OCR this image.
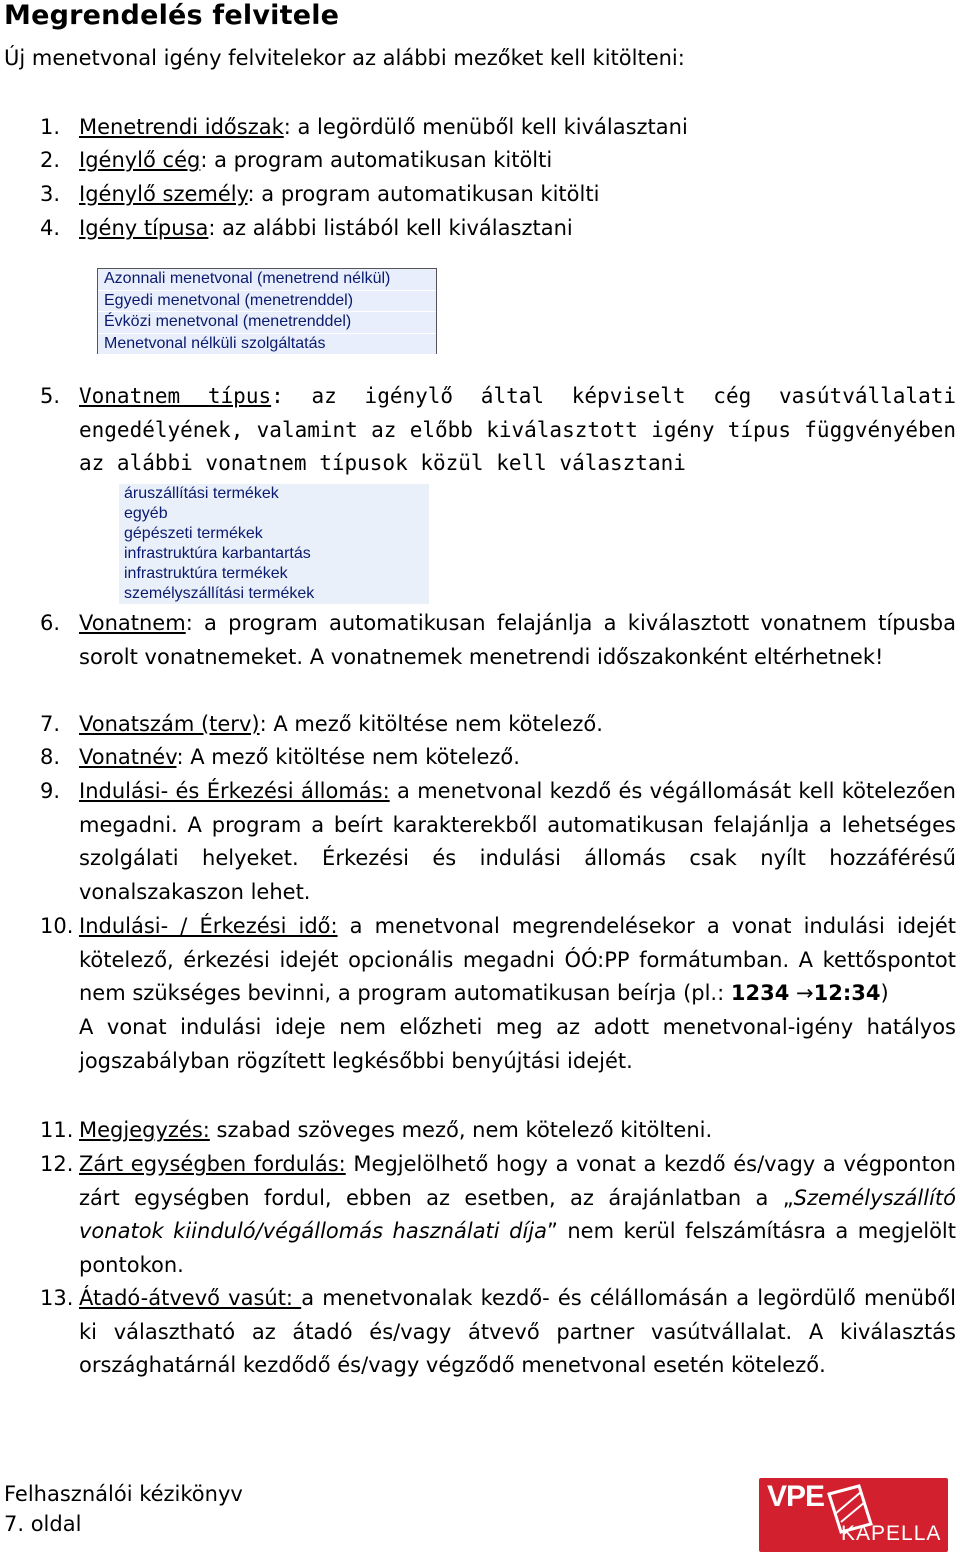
Megrendelés felvitele
Új menetvonal igény felvitelekor az alábbi mezőket kell kitölteni:
1. Menetrendi időszak: a legördülő menüből kell kiválasztani
2. Igénylő cég: a program automatikusan kitölti
3. Igénylő személy: a program automatikusan kitölti
4. Igény típusa: az alábbi listából kell kiválasztani
Azonnali menetvonal (menetrend nélkül)
Egyedi menetvonal (menetrenddel)
Évközi menetvonal (menetrenddel)
Menetvonal nélküli szolgáltatás
5. Vonatnem típus: az igénylő által képviselt cég vasútvállalati engedélyének, valamint az előbb kiválasztott igény típus függvényében az alábbi vonatnem típusok közül kell választani
áruszállítási termékek
egyéb
gépészeti termékek
infrastruktúra karbantartás
infrastruktúra termékek
személyszállítási termékek
6. Vonatnem: a program automatikusan felajánlja a kiválasztott vonatnem típusba sorolt vonatnemeket. A vonatnemek menetrendi időszakonként eltérhetnek!
7. Vonatszám (terv): A mező kitöltése nem kötelező.
8. Vonatnév: A mező kitöltése nem kötelező.
9. Indulási- és Érkezési állomás: a menetvonal kezdő és végállomását kell kötelezően megadni. A program a beírt karakterekből automatikusan felajánlja a lehetséges szolgálati helyeket. Érkezési és indulási állomás csak nyílt hozzáférésű vonalszakaszon lehet.
10. Indulási- / Érkezési idő: a menetvonal megrendelésekor a vonat indulási idejét kötelező, érkezési idejét opcionális megadni ÓÓ:PP formátumban. A kettőspontot nem szükséges bevinni, a program automatikusan beírja (pl.: 1234 →12:34)
A vonat indulási ideje nem előzheti meg az adott menetvonal-igény hatályos jogszabályban rögzített legkésőbbi benyújtási idejét.
11. Megjegyzés: szabad szöveges mező, nem kötelező kitölteni.
12. Zárt egységben fordulás: Megjelölhető hogy a vonat a kezdő és/vagy a végponton zárt egységben fordul, ebben az esetben, az árajánlatban a „Személyszállító vonatok kiinduló/végállomás használati díja” nem kerül felszámításra a megjelölt pontokon.
13. Átadó-átvevő vasút: a menetvonalak kezdő- és célállomásán a legördülő menüből ki választható az átadó és/vagy átvevő partner vasútvállalat. A kiválasztás országhatárnál kezdődő és/vagy végződő menetvonal esetén kötelező.
Felhasználói kézikönyv
7. oldal
VPE
KAPELLA
